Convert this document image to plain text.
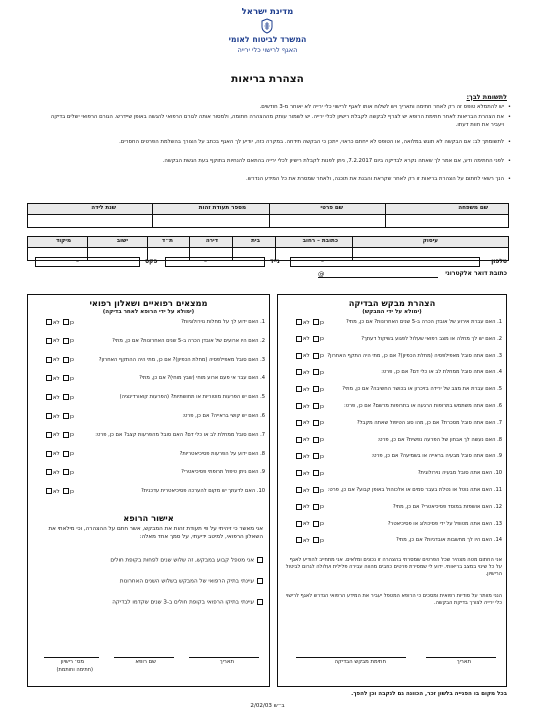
מדינת ישראל
המשרד לביטוח לאומי
האגף לרישוי כלי ירייה
הצהרת בריאות
לתשומת לבך:
• יש להתמלא טופס זה רק לאחר חתימה ותאריך ויש לשלוח אותו לאגף לרישוי כלי ירייה לא יאוחר מ‑3 חודשים.
• את הצהרת הבריאות לאחר חתימת הרופא יש לצרף לבקשה לקבלת רישיון לכלי ירייה. יש לשמור עותק מההצהרה חתומה, ולמסור אותה לגורם הרפואי להגשה באופן שיידרש. הגורם הרפואי ישלים בדיקה ויעביר את חוות דעתו.
• לתשומתך לב: אם הבקשה לא תוגש במלואה, או הטופס לא ייחתם כראוי, ייתכן כי הבקשה תידחה. במקרה כזה, יודיע לך האגף בכתב על הצורך בהשלמת הפרטים החסרים.
• לפני החתימה ודע, אם אמר לך שאתה נקרא לבדיקה ביום 7.2.2017, ניתן לפנות לקבלת רישיון לכלי ירייה בהתאם להנחיות בתוקף בעת הגשת הבקשה.
• הנך רשאי לחתום על הצהרת בריאות זו רק לאחר שקראת והבנת את תוכנה, ולאחר שמסרת את כל המידע הנדרש.
שם משפחה
שם פרטי
מספר תעודת זהות
שנת לידה
עיסוק
כתובת – רחוב
בית
דירה
ת״ד
ישוב
מיקוד
טלפון
–
נייד
–
פקס
–
כתובת דואר אלקטרוני
@
הצהרת מבקש הבדיקה
(ימולא על ידי המבקש)
1. האם עברת אירוע של אובדן הכרה ב‑5 שנים האחרונות? אם כן, מתי?
כן לא
2. האם יש לך מחלה או מצב רפואי שעלול לפגוע בשיקול דעתך?
כן לא
3. האם אתה סובל מאפילפסיה (מחלת הכפיון)? אם כן, מתי היה התקף האחרון?
כן לא
4. האם אתה סובל ממחלת לב או כלי דם? אם כן, פרט:
כן לא
5. האם עברת את מצב של ירידה בזיכרון או בכושר החשיבה? אם כן, מתי?
כן לא
6. האם אתה משתמש בתרופות הרגעה או בתרופות מרשם? אם כן, פרט:
כן לא
7. האם אתה סובל מסכרת? אם כן, מהו סוג הטיפול שאתה מקבל?
כן לא
8. האם נעשה לך אבחון של הפרעה נפשית? אם כן, פרט:
כן לא
9. האם אתה סובל מבעיה בראייה או בשמיעה? אם כן, פרט:
כן לא
10. האם אתה סובל מבעיה נוירולוגית?
כן לא
11. האם אתה נוטל או נטלת בעבר סמים או אלכוהול באופן קבוע? אם כן, פרט:
כן לא
12. האם אושפזת במוסד פסיכיאטרי? אם כן, מתי?
כן לא
13. האם אתה מטופל על ידי פסיכולוג או פסיכיאטר?
כן לא
14. האם היו לך מחשבות אובדניות? אם כן, מתי?
כן לא
אני החתום מטה מצהיר שכל הפרטים שמסרתי בהצהרה זו נכונים ומלאים. אני מתחייב להודיע לאגף על כל שינוי במצב בריאותי. ידוע לי שמסירת פרטים כוזבים מהווה עבירה פלילית ועלולה לגרום לביטול הרישיון.
הנני מוותר על סודיות רפואית ומסכים כי הרופא המטפל יעביר את המידע הרפואי הנדרש לאגף לרישוי כלי ירייה לצורך בדיקת הבקשה.
חתימת מבקש הבדיקה	תאריך
ממצאים רפואיים ושאלון רפואי
(ימולא על ידי הרופא לאחר בדיקה)
1. האם ידוע לך על מחלות נוירולוגיות?
כן לא
2. האם היו ארועים של אובדן הכרה ב‑5 שנים האחרונות? אם כן, מתי?
כן לא
3. האם סובל מאפילפסיה (מחלת הכפיון)? אם כן, מתי היה ההתקף האחרון?
כן לא
4. האם עבר אי פעם ארוע מוחי (שבץ מוחי)? אם כן, מתי?
כן לא
5. האם יש הפרעות מוטוריות או תחושתיות? (הפרעות קואורדינציה)
כן לא
6. האם יש קושי בראייה? אם כן, פרט:
כן לא
7. האם סובל ממחלת לב או כלי דם? האם סובל מהפרעות קצב? אם כן, פרט:
כן לא
8. האם ידוע על הפרעות פסיכיאטריות?
כן לא
9. האם ניתן טיפול תרופתי פסיכיאטרי?
כן לא
10. האם לדעתך יש מקום להערכה פסיכיאטרית עדכנית?
כן לא
אישור הרופא
אני מאשר כי זיהיתי על פי תעודת זהות את המבקש, אשר חתם על ההצהרה, וכי מילאתי את השאלון הרפואי, למיטב ידיעתי, על סמך אחד מאלה:
אני מטפל קבוע במבקש, זה שלוש שנים לפחות בקופת חולים
עיינתי בתיק הרפואי של המבקש בשלוש השנים האחרונות
עיינתי בתיקו הרפואי בקופת חולים ב‑3 שנים שקדמו לבדיקה
מס׳ רישיון
(חתימה וחותמת)
שם רופא	תאריך
בכל מקום בו הפנייה בלשון זכר, הכוונה גם לנקבה וכן להפך.
ב״ש 2/02/03
